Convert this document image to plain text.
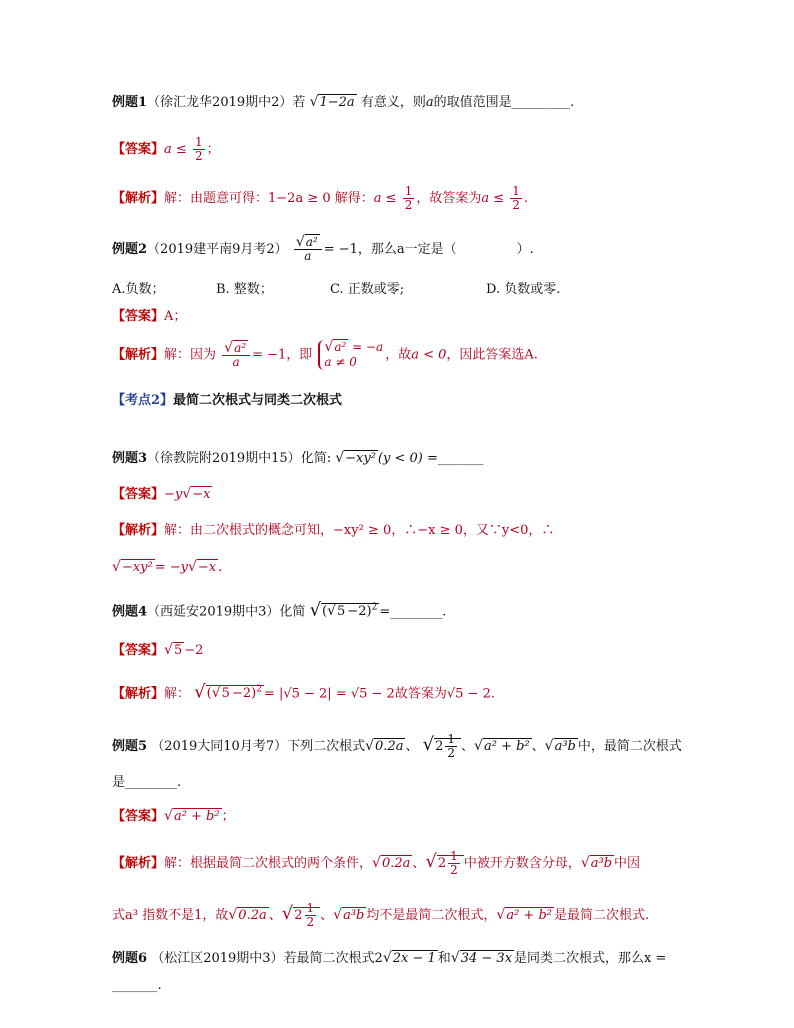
例题1（徐汇龙华2019期中2）若 √1−2a 有意义，则a的取值范围是_________.
【答案】$a \le \frac{1}{2}$ ；
【解析】解：由题意可得：1−2a ≥ 0 解得：$a \le \frac{1}{2}$ ，故答案为$a \le \frac{1}{2}$ .
例题2（2019建平南9月考$2) \frac{\text{√a²}}{a} = -1$，那么a一定是（	）.
A.负数；	B. 整数；	C. 正数或零;	D. 负数或零.
【答案】A；
【解析】解：因为 $\frac{\text{√a²}}{a} = -1$，即 √a² = −a
a ≠ 0	，故a < 0，因此答案选A.
【考点2】最简二次根式与同类二次根式
例题3（徐教院附2019期中15）化简: √−xy² (y < 0) =_______
【答案】−y√−x
【解析】解：由二次根式的概念可知，−xy² ≥ 0，∴−x ≥ 0，又∵y<0，∴
√−xy² = −y√−x .
例题4（西延安2019期中3）化简 $√(√5 -2)^2$ =________.
【答案】√5 −2
【解析】解： $√(√5 -2)^2 = |√5 - 2| = √5 - 2$故答案为√5 − 2.
例题5 （2019大同10月考7）下列二次根式√0.2a 、 $√2 \frac{1}{2}$ 、√a² + b² 、√a³b 中，最简二次根式
是________.
【答案】√a² + b² ；
【解析】解：根据最简二次根式的两个条件，√0.2a 、$√2 \frac{1}{2}$ 中被开方数含分母，√a³b 中因
式a³ 指数不是1，故√0.2a 、$√2 \frac{1}{2}$ 、√a³b 均不是最简二次根式，√a² + b² 是最简二次根式.
例题6 （松江区2019期中3）若最简二次根式2√2x − 1 和√34 − 3x 是同类二次根式，那么x =
_______.
